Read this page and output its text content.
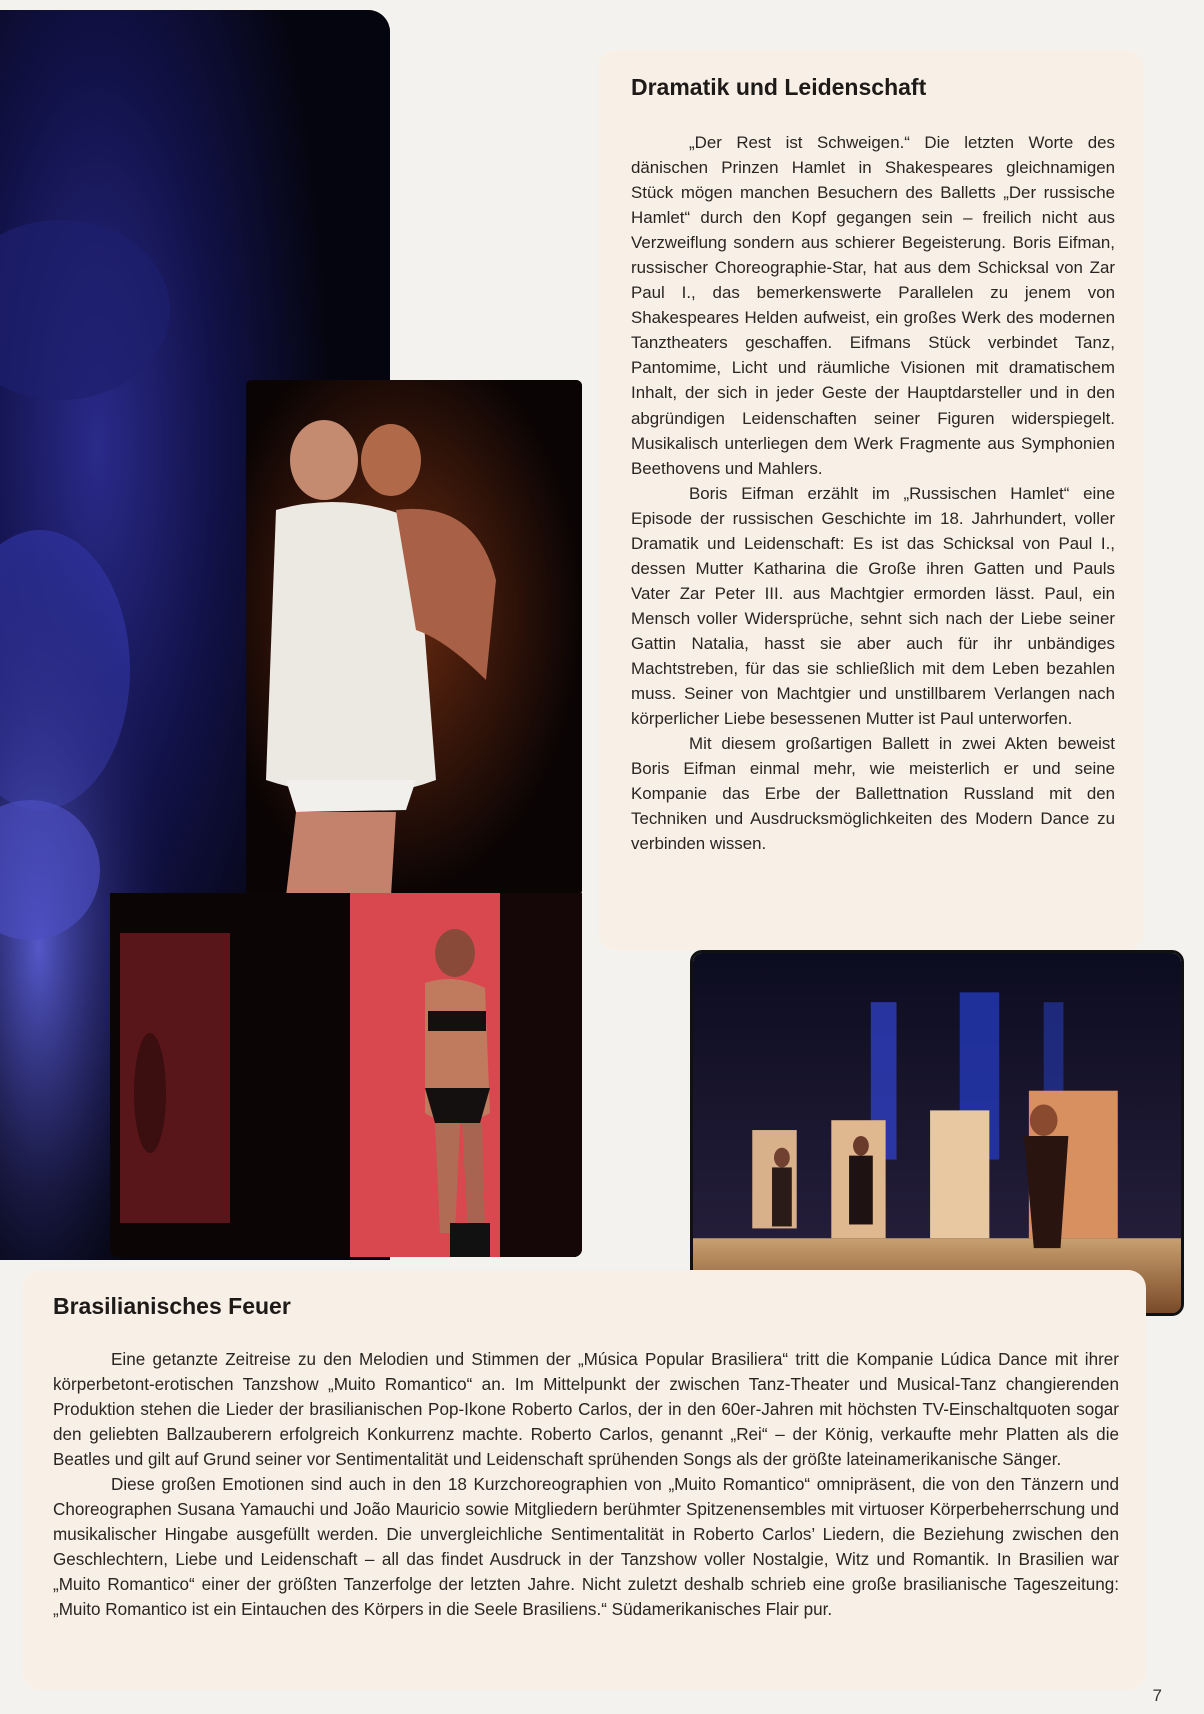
Dramatik und Leidenschaft

„Der Rest ist Schweigen.“ Die letzten Worte des dänischen Prinzen Hamlet in Shakespeares gleichnamigen Stück mögen manchen Besuchern des Balletts „Der russische Hamlet“ durch den Kopf gegangen sein – freilich nicht aus Verzweiflung sondern aus schierer Begeisterung. Boris Eifman, russischer Choreographie-Star, hat aus dem Schicksal von Zar Paul I., das bemerkenswerte Parallelen zu jenem von Shakespeares Helden aufweist, ein großes Werk des modernen Tanztheaters geschaffen. Eifmans Stück verbindet Tanz, Pantomime, Licht und räumliche Visionen mit dramatischem Inhalt, der sich in jeder Geste der Hauptdarsteller und in den abgründigen Leidenschaften seiner Figuren widerspiegelt. Musikalisch unterliegen dem Werk Fragmente aus Symphonien Beethovens und Mahlers.

Boris Eifman erzählt im „Russischen Hamlet“ eine Episode der russischen Geschichte im 18. Jahrhundert, voller Dramatik und Leidenschaft: Es ist das Schicksal von Paul I., dessen Mutter Katharina die Große ihren Gatten und Pauls Vater Zar Peter III. aus Machtgier ermorden lässt. Paul, ein Mensch voller Widersprüche, sehnt sich nach der Liebe seiner Gattin Natalia, hasst sie aber auch für ihr unbändiges Machtstreben, für das sie schließlich mit dem Leben bezahlen muss. Seiner von Machtgier und unstillbarem Verlangen nach körperlicher Liebe besessenen Mutter ist Paul unterworfen.

Mit diesem großartigen Ballett in zwei Akten beweist Boris Eifman einmal mehr, wie meisterlich er und seine Kompanie das Erbe der Ballettnation Russland mit den Techniken und Ausdrucksmöglichkeiten des Modern Dance zu verbinden wissen.

Brasilianisches Feuer

Eine getanzte Zeitreise zu den Melodien und Stimmen der „Música Popular Brasiliera“ tritt die Kompanie Lúdica Dance mit ihrer körperbetont-erotischen Tanzshow „Muito Romantico“ an. Im Mittelpunkt der zwischen Tanz-Theater und Musical-Tanz changierenden Produktion stehen die Lieder der brasilianischen Pop-Ikone Roberto Carlos, der in den 60er-Jahren mit höchsten TV-Einschaltquoten sogar den geliebten Ballzauberern erfolgreich Konkurrenz machte. Roberto Carlos, genannt „Rei“ – der König, verkaufte mehr Platten als die Beatles und gilt auf Grund seiner vor Sentimentalität und Leidenschaft sprühenden Songs als der größte lateinamerikanische Sänger.

Diese großen Emotionen sind auch in den 18 Kurzchoreographien von „Muito Romantico“ omnipräsent, die von den Tänzern und Choreographen Susana Yamauchi und João Mauricio sowie Mitgliedern berühmter Spitzenensembles mit virtuoser Körperbeherrschung und musikalischer Hingabe ausgefüllt werden. Die unvergleichliche Sentimentalität in Roberto Carlos’ Liedern, die Beziehung zwischen den Geschlechtern, Liebe und Leidenschaft – all das findet Ausdruck in der Tanzshow voller Nostalgie, Witz und Romantik. In Brasilien war „Muito Romantico“ einer der größten Tanzerfolge der letzten Jahre. Nicht zuletzt deshalb schrieb eine große brasilianische Tageszeitung: „Muito Romantico ist ein Eintauchen des Körpers in die Seele Brasiliens.“ Südamerikanisches Flair pur.

7
